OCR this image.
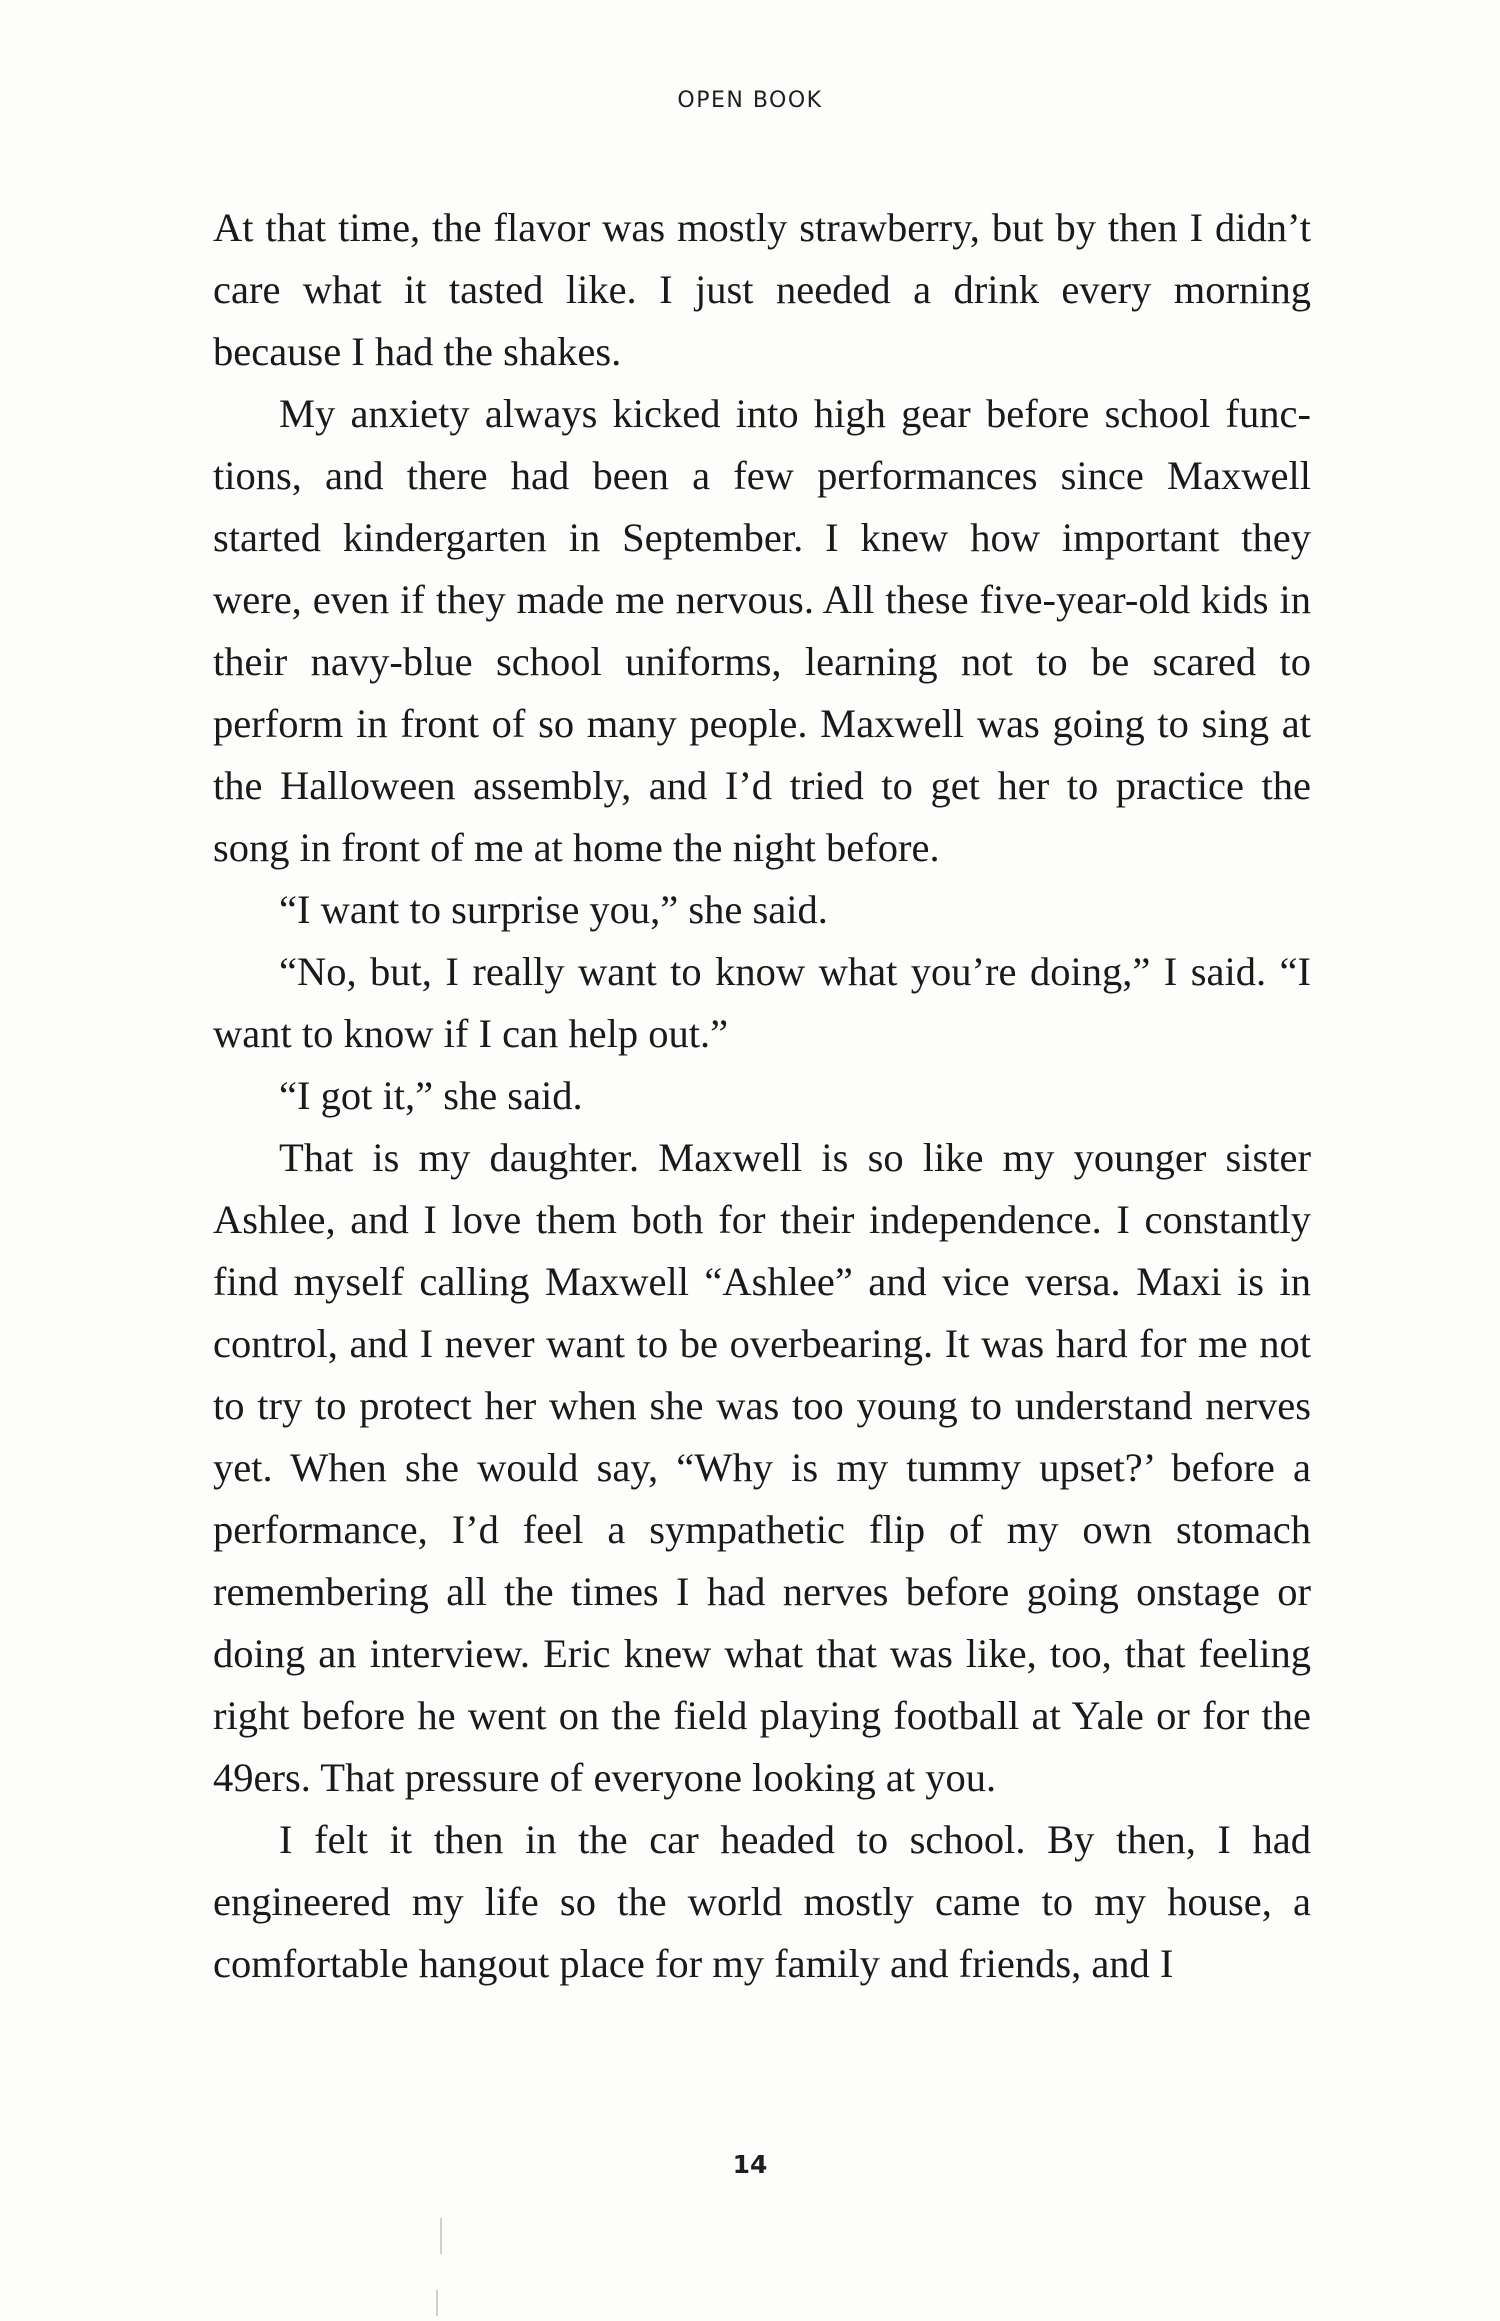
OPEN BOOK

At that time, the flavor was mostly strawberry, but by then I didn’t care what it tasted like. I just needed a drink every morning because I had the shakes.

My anxiety always kicked into high gear before school functions, and there had been a few performances since Maxwell started kindergarten in September. I knew how important they were, even if they made me nervous. All these five-year-old kids in their navy-blue school uniforms, learning not to be scared to perform in front of so many people. Maxwell was going to sing at the Halloween assembly, and I’d tried to get her to practice the song in front of me at home the night before.

“I want to surprise you,” she said.

“No, but, I really want to know what you’re doing,” I said. “I want to know if I can help out.”

“I got it,” she said.

That is my daughter. Maxwell is so like my younger sister Ashlee, and I love them both for their independence. I constantly find myself calling Maxwell “Ashlee” and vice versa. Maxi is in control, and I never want to be overbearing. It was hard for me not to try to protect her when she was too young to understand nerves yet. When she would say, “Why is my tummy upset?’ before a performance, I’d feel a sympathetic flip of my own stomach remembering all the times I had nerves before going onstage or doing an interview. Eric knew what that was like, too, that feeling right before he went on the field playing football at Yale or for the 49ers. That pressure of everyone looking at you.

I felt it then in the car headed to school. By then, I had engineered my life so the world mostly came to my house, a comfortable hangout place for my family and friends, and I

14
